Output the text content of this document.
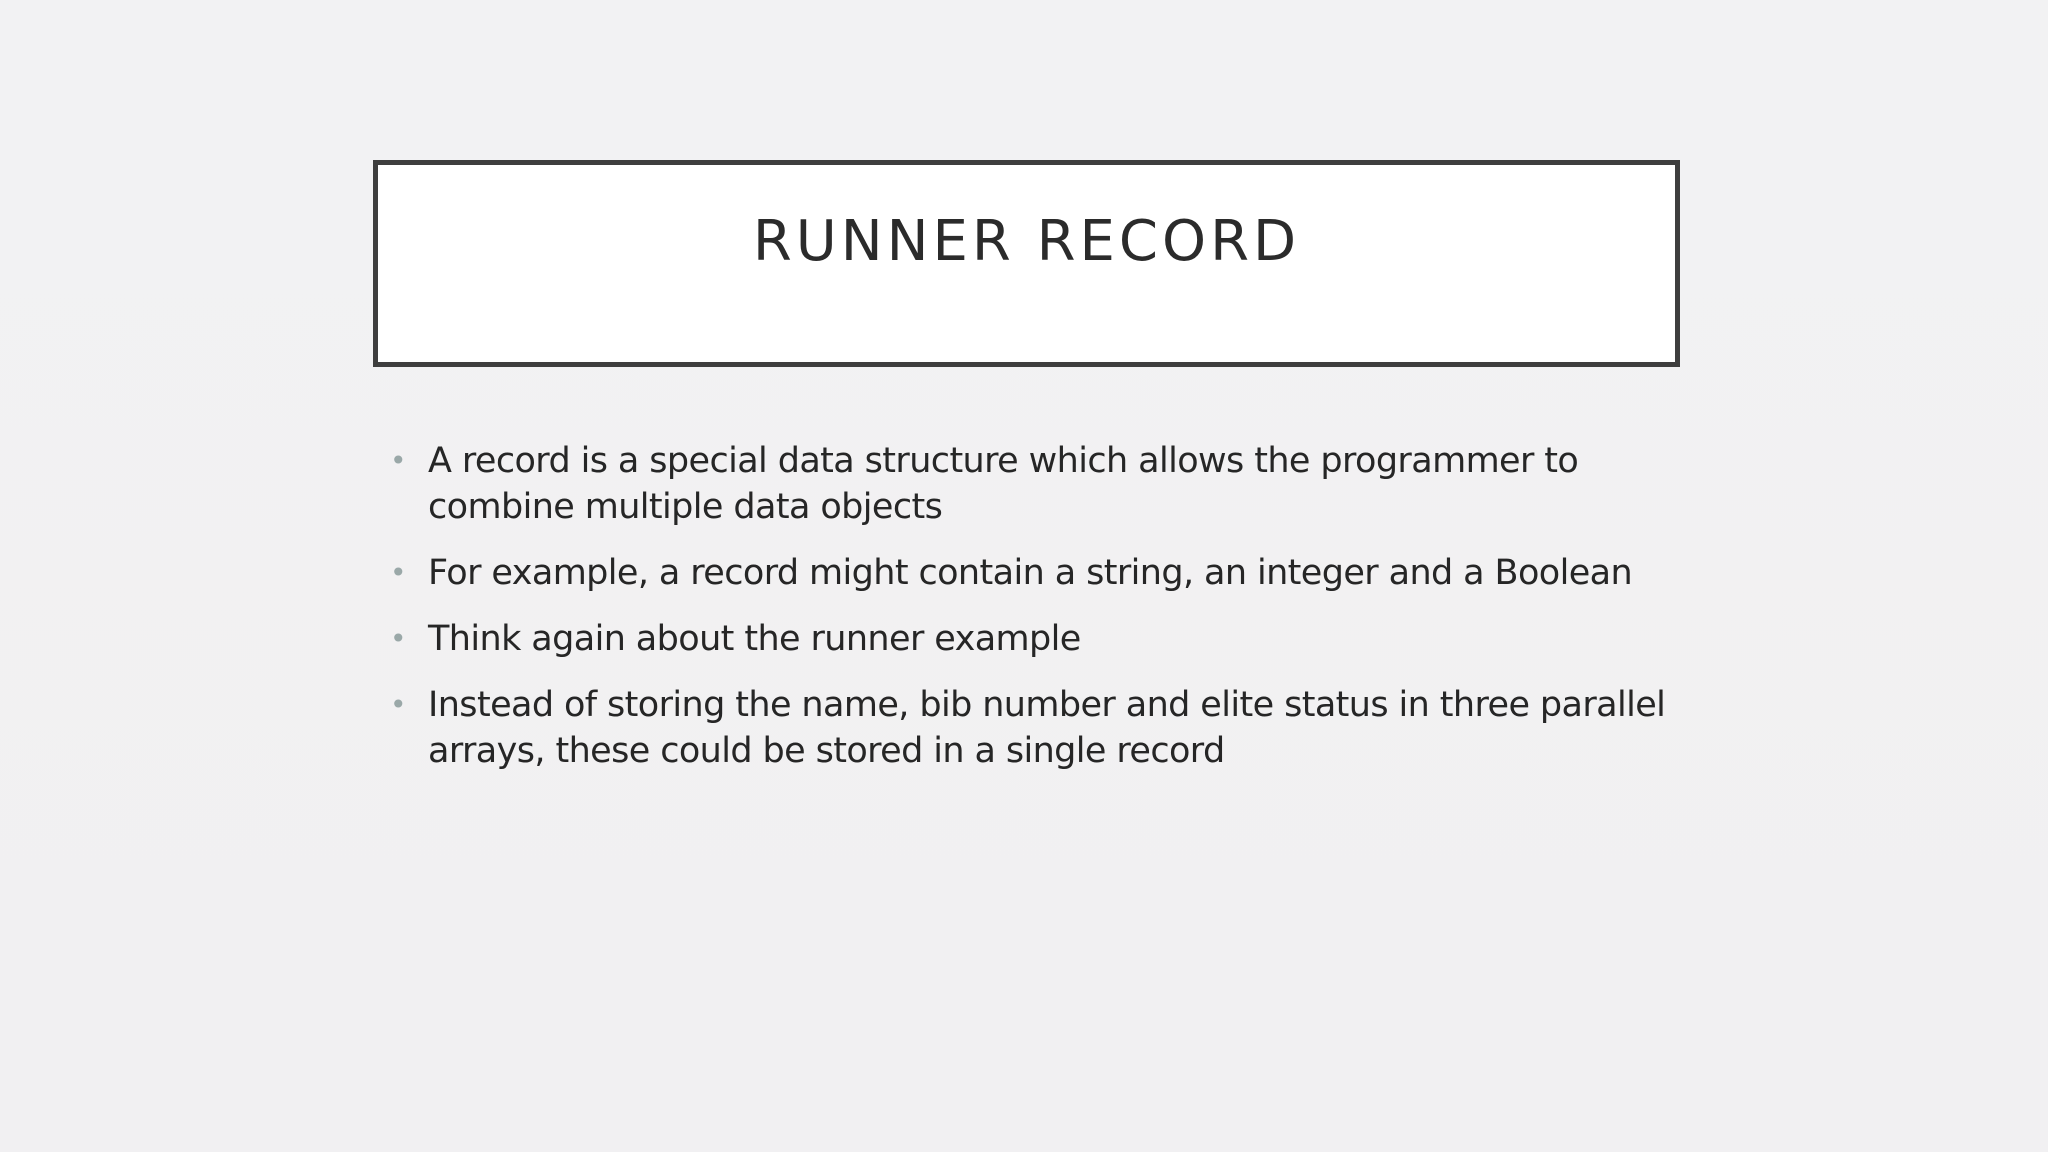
RUNNER RECORD
• A record is a special data structure which allows the programmer to combine multiple data objects
• For example, a record might contain a string, an integer and a Boolean
• Think again about the runner example
• Instead of storing the name, bib number and elite status in three parallel arrays, these could be stored in a single record
